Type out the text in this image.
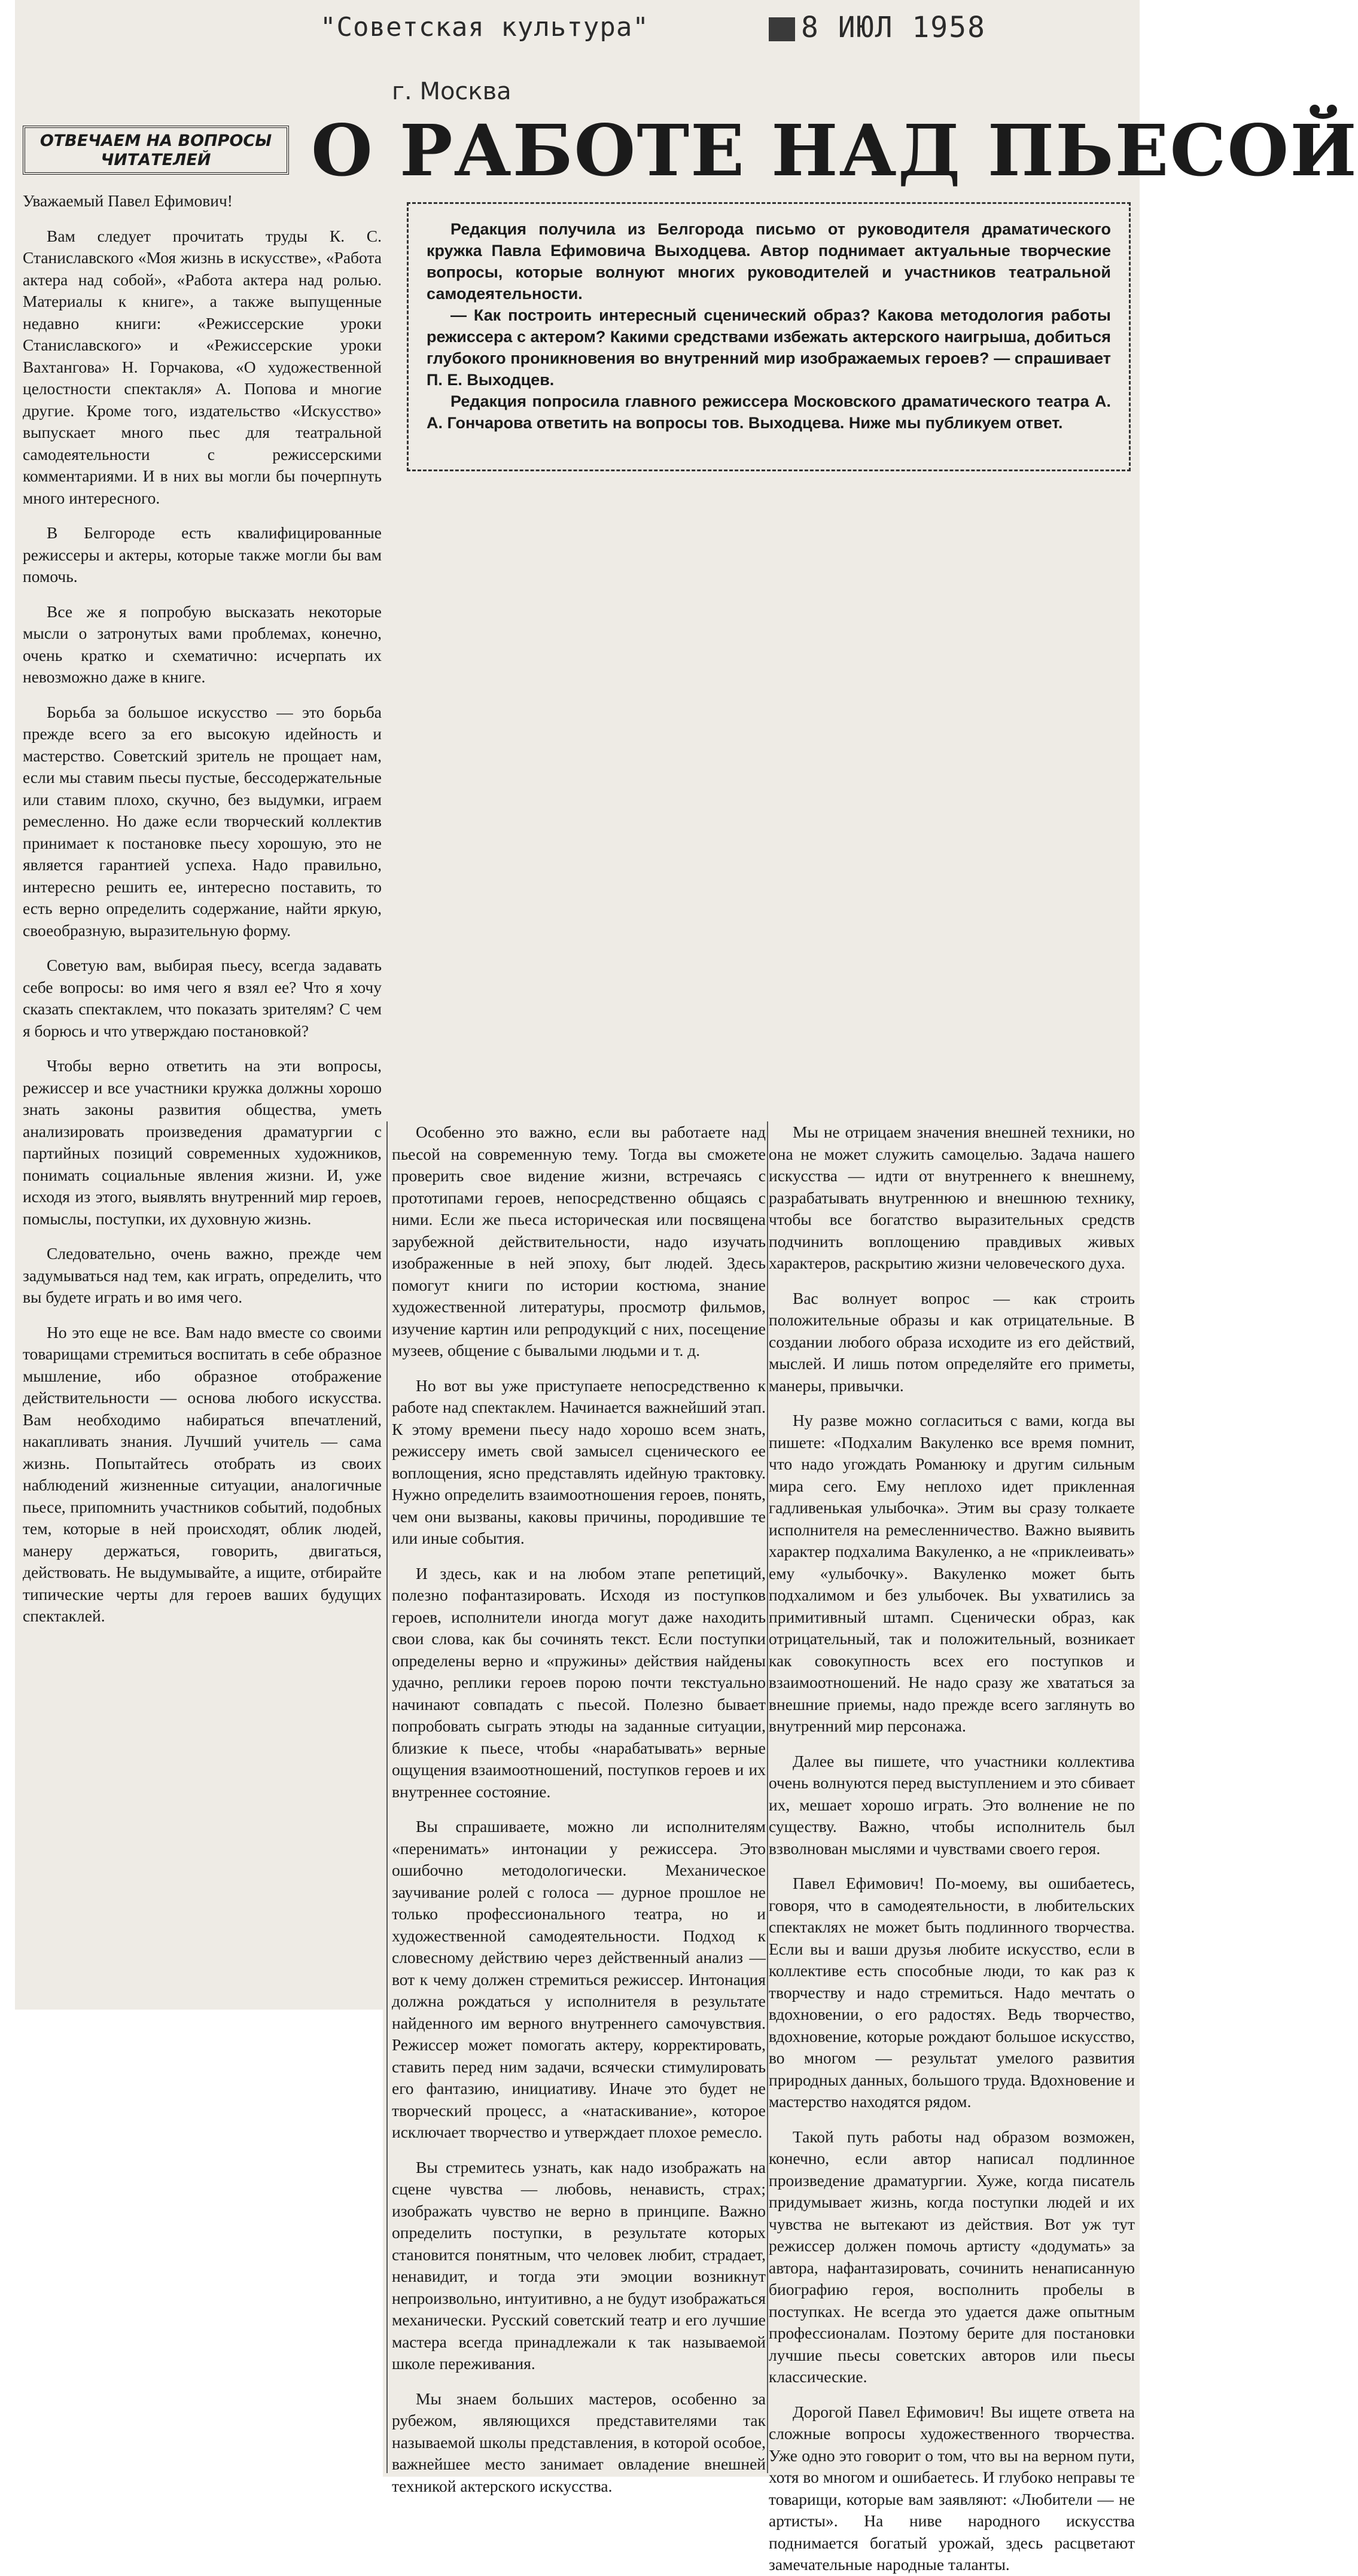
"Советская культура"	8 ИЮЛ 1958
г. Москва
ОТВЕЧАЕМ НА ВОПРОСЫ ЧИТАТЕЛЕЙ	О РАБОТЕ НАД ПЬЕСОЙ

Редакция получила из Белгорода письмо от руководителя драматического кружка Павла Ефимовича Выходцева. Автор поднимает актуальные творческие вопросы, которые волнуют многих руководителей и участников театральной самодеятельности.

— Как построить интересный сценический образ? Какова методология работы режиссера с актером? Какими средствами избежать актерского наигрыша, добиться глубокого проникновения во внутренний мир изображаемых героев? — спрашивает П. Е. Выходцев.

Редакция попросила главного режиссера Московского драматического театра А. А. Гончарова ответить на вопросы тов. Выходцева. Ниже мы публикуем ответ.

Уважаемый Павел Ефимович!

Вам следует прочитать труды К. С. Станиславского «Моя жизнь в искусстве», «Работа актера над собой», «Работа актера над ролью. Материалы к книге», а также выпущенные недавно книги: «Режиссерские уроки Станиславского» и «Режиссерские уроки Вахтангова» Н. Горчакова, «О художественной целостности спектакля» А. Попова и многие другие. Кроме того, издательство «Искусство» выпускает много пьес для театральной самодеятельности с режиссерскими комментариями. И в них вы могли бы почерпнуть много интересного.

В Белгороде есть квалифицированные режиссеры и актеры, которые также могли бы вам помочь.

Все же я попробую высказать некоторые мысли о затронутых вами проблемах, конечно, очень кратко и схематично: исчерпать их невозможно даже в книге.

Борьба за большое искусство — это борьба прежде всего за его высокую идейность и мастерство. Советский зритель не прощает нам, если мы ставим пьесы пустые, бессодержательные или ставим плохо, скучно, без выдумки, играем ремесленно. Но даже если творческий коллектив принимает к постановке пьесу хорошую, это не является гарантией успеха. Надо правильно, интересно решить ее, интересно поставить, то есть верно определить содержание, найти яркую, своеобразную, выразительную форму.

Советую вам, выбирая пьесу, всегда задавать себе вопросы: во имя чего я взял ее? Что я хочу сказать спектаклем, что показать зрителям? С чем я борюсь и что утверждаю постановкой?

Чтобы верно ответить на эти вопросы, режиссер и все участники кружка должны хорошо знать законы развития общества, уметь анализировать произведения драматургии с партийных позиций современных художников, понимать социальные явления жизни. И, уже исходя из этого, выявлять внутренний мир героев, помыслы, поступки, их духовную жизнь.

Следовательно, очень важно, прежде чем задумываться над тем, как играть, определить, что вы будете играть и во имя чего.

Но это еще не все. Вам надо вместе со своими товарищами стремиться воспитать в себе образное мышление, ибо образное отображение действительности — основа любого искусства. Вам необходимо набираться впечатлений, накапливать знания. Лучший учитель — сама жизнь. Попытайтесь отобрать из своих наблюдений жизненные ситуации, аналогичные пьесе, припомнить участников событий, подобных тем, которые в ней происходят, облик людей, манеру держаться, говорить, двигаться, действовать. Не выдумывайте, а ищите, отбирайте типические черты для героев ваших будущих спектаклей.

Особенно это важно, если вы работаете над пьесой на современную тему. Тогда вы сможете проверить свое видение жизни, встречаясь с прототипами героев, непосредственно общаясь с ними. Если же пьеса историческая или посвящена зарубежной действительности, надо изучать изображенные в ней эпоху, быт людей. Здесь помогут книги по истории костюма, знание художественной литературы, просмотр фильмов, изучение картин или репродукций с них, посещение музеев, общение с бывалыми людьми и т. д.

Но вот вы уже приступаете непосредственно к работе над спектаклем. Начинается важнейший этап. К этому времени пьесу надо хорошо всем знать, режиссеру иметь свой замысел сценического ее воплощения, ясно представлять идейную трактовку. Нужно определить взаимоотношения героев, понять, чем они вызваны, каковы причины, породившие те или иные события.

И здесь, как и на любом этапе репетиций, полезно пофантазировать. Исходя из поступков героев, исполнители иногда могут даже находить свои слова, как бы сочинять текст. Если поступки определены верно и «пружины» действия найдены удачно, реплики героев порою почти текстуально начинают совпадать с пьесой. Полезно бывает попробовать сыграть этюды на заданные ситуации, близкие к пьесе, чтобы «нарабатывать» верные ощущения взаимоотношений, поступков героев и их внутреннее состояние.

Вы спрашиваете, можно ли исполнителям «перенимать» интонации у режиссера. Это ошибочно методологически. Механическое заучивание ролей с голоса — дурное прошлое не только профессионального театра, но и художественной самодеятельности. Подход к словесному действию через действенный анализ — вот к чему должен стремиться режиссер. Интонация должна рождаться у исполнителя в результате найденного им верного внутреннего самочувствия. Режиссер может помогать актеру, корректировать, ставить перед ним задачи, всячески стимулировать его фантазию, инициативу. Иначе это будет не творческий процесс, а «натаскивание», которое исключает творчество и утверждает плохое ремесло.

Вы стремитесь узнать, как надо изображать на сцене чувства — любовь, ненависть, страх; изображать чувство не верно в принципе. Важно определить поступки, в результате которых становится понятным, что человек любит, страдает, ненавидит, и тогда эти эмоции возникнут непроизвольно, интуитивно, а не будут изображаться механически. Русский советский театр и его лучшие мастера всегда принадлежали к так называемой школе переживания.

Мы знаем больших мастеров, особенно за рубежом, являющихся представителями так называемой школы представления, в которой особое, важнейшее место занимает овладение внешней техникой актерского искусства.

Мы не отрицаем значения внешней техники, но она не может служить самоцелью. Задача нашего искусства — идти от внутреннего к внешнему, разрабатывать внутреннюю и внешнюю технику, чтобы все богатство выразительных средств подчинить воплощению правдивых живых характеров, раскрытию жизни человеческого духа.

Вас волнует вопрос — как строить положительные образы и как отрицательные. В создании любого образа исходите из его действий, мыслей. И лишь потом определяйте его приметы, манеры, привычки.

Ну разве можно согласиться с вами, когда вы пишете: «Подхалим Вакуленко все время помнит, что надо угождать Романюку и другим сильным мира сего. Ему неплохо идет прикленная гадливенькая улыбочка». Этим вы сразу толкаете исполнителя на ремесленничество. Важно выявить характер подхалима Вакуленко, а не «приклеивать» ему «улыбочку». Вакуленко может быть подхалимом и без улыбочек. Вы ухватились за примитивный штамп. Сценически образ, как отрицательный, так и положительный, возникает как совокупность всех его поступков и взаимоотношений. Не надо сразу же хвататься за внешние приемы, надо прежде всего заглянуть во внутренний мир персонажа.

Далее вы пишете, что участники коллектива очень волнуются перед выступлением и это сбивает их, мешает хорошо играть. Это волнение не по существу. Важно, чтобы исполнитель был взволнован мыслями и чувствами своего героя.

Павел Ефимович! По-моему, вы ошибаетесь, говоря, что в самодеятельности, в любительских спектаклях не может быть подлинного творчества. Если вы и ваши друзья любите искусство, если в коллективе есть способные люди, то как раз к творчеству и надо стремиться. Надо мечтать о вдохновении, о его радостях. Ведь творчество, вдохновение, которые рождают большое искусство, во многом — результат умелого развития природных данных, большого труда. Вдохновение и мастерство находятся рядом.

Такой путь работы над образом возможен, конечно, если автор написал подлинное произведение драматургии. Хуже, когда писатель придумывает жизнь, когда поступки людей и их чувства не вытекают из действия. Вот уж тут режиссер должен помочь артисту «додумать» за автора, нафантазировать, сочинить ненаписанную биографию героя, восполнить пробелы в поступках. Не всегда это удается даже опытным профессионалам. Поэтому берите для постановки лучшие пьесы советских авторов или пьесы классические.

Дорогой Павел Ефимович! Вы ищете ответа на сложные вопросы художественного творчества. Уже одно это говорит о том, что вы на верном пути, хотя во многом и ошибаетесь. И глубоко неправы те товарищи, которые вам заявляют: «Любители — не артисты». На ниве народного искусства поднимается богатый урожай, здесь расцветают замечательные народные таланты.
